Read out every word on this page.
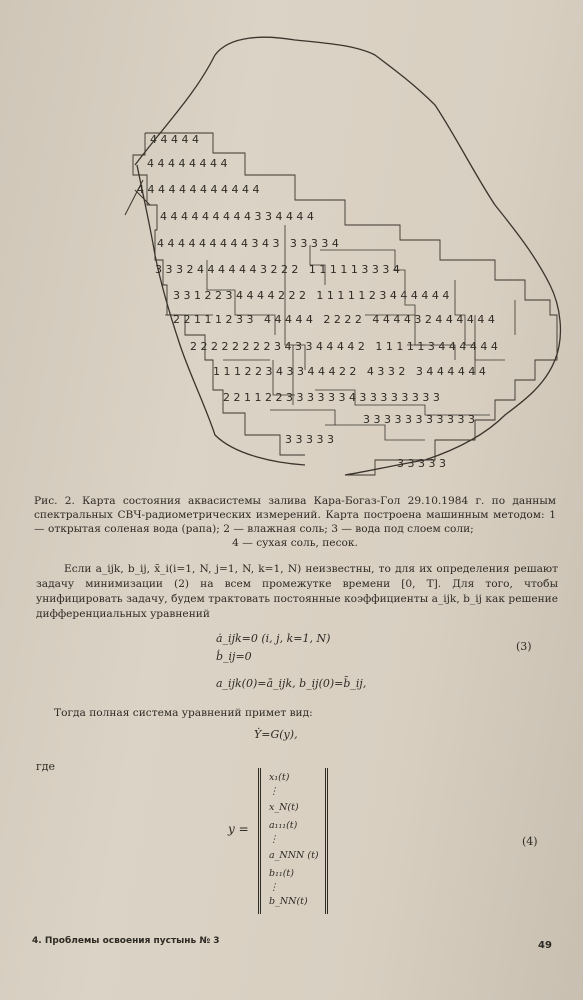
4 4 4 4 4
4 4 4 4 4 4 4 4
4 4 4 4 4 4 4 4 4 4 4 4
4 4 4 4 4 4 4 4 4 3 3 4 4 4 4
4 4 4 4 4 4 4 4 4 3 4 3   3 3 3 3 4
3 3 3 2 4 4 4 4 4 4 3 2 2 2   1 1 1 1 1 3 3 3 4
3 3 1 2 2 3 4 4 4 4 2 2 2   1 1 1 1 1 2 3 4 4 4 4 4 4
2 2 1 1 1 2 3 3   4 4 4 4 4   2 2 2 2   4 4 4 4 3 2 4 4 4 4 4 4
2 2 2 2 2 2 2 2 3 4 3 3 4 4 4 4 2   1 1 1 1 1 3 4 4 4 4 4 4
1 1 1 2 2 3 4 3 3 4 4 4 2 2   4 3 3 2   3 4 4 4 4 4 4
2 2 1 1 2 2 3 3 3 3 3 3 4 3 3 3 3 3 3 3 3
3 3 3 3 3 3 3 3 3 3 3
3 3 3 3 3
3 3 3 3 3
Рис. 2. Карта состояния аквасистемы залива Кара-Богаз-Гол 29.10.1984 г. по данным спектральных СВЧ-радиометрических измерений. Карта построена машинным методом: 1 — открытая соленая вода (рапа); 2 — влажная соль; 3 — вода под слоем соли;
4 — сухая соль, песок.
Если a_ijk, b_ij, x̄_i(i=1, N, j=1, N, k=1, N) неизвестны, то для их определения решают задачу минимизации (2) на всем промежутке времени [0, T]. Для того, чтобы унифицировать задачу, будем трактовать постоянные коэффициенты a_ijk, b_ij как решение дифференциальных уравнений
ȧ_ijk=0 (i, j, k=1, N)
ḃ_ij=0
a_ijk(0)=ā_ijk, b_ij(0)=b̄_ij,
(3)
Тогда полная система уравнений примет вид:
Ẏ=G(y),
где
y =
x₁(t)
⋮
x_N(t)
a₁₁₁(t)
⋮
a_NNN (t)
b₁₁(t)
⋮
b_NN(t)
(4)
4. Проблемы освоения пустынь № 3	49
